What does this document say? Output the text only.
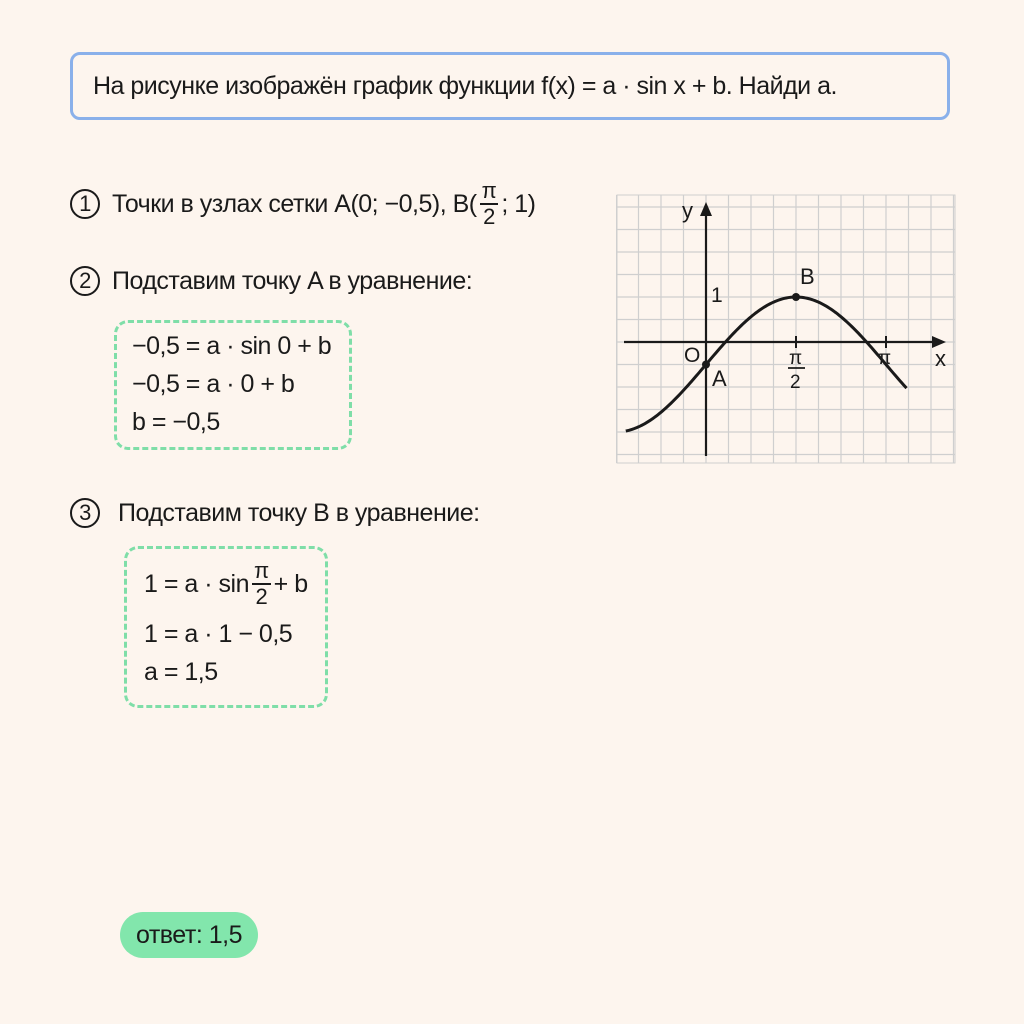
На рисунке изображён график функции f(x) = a · sin x + b. Найди a.
1 Точки в узлах сетки A(0; −0,5), $B( \frac{\pi}{2}$ ; 1)
2 Подставим точку A в уравнение:
−0,5 = a · sin 0 + b
−0,5 = a · 0 + b
b = −0,5
3	Подставим точку B в уравнение:
$1 = a \cdot \sin \frac{\pi}{2} + b$
1 = a · 1 − 0,5
a = 1,5
y
x
O
1
π
2
π
A
B
ответ: 1,5
